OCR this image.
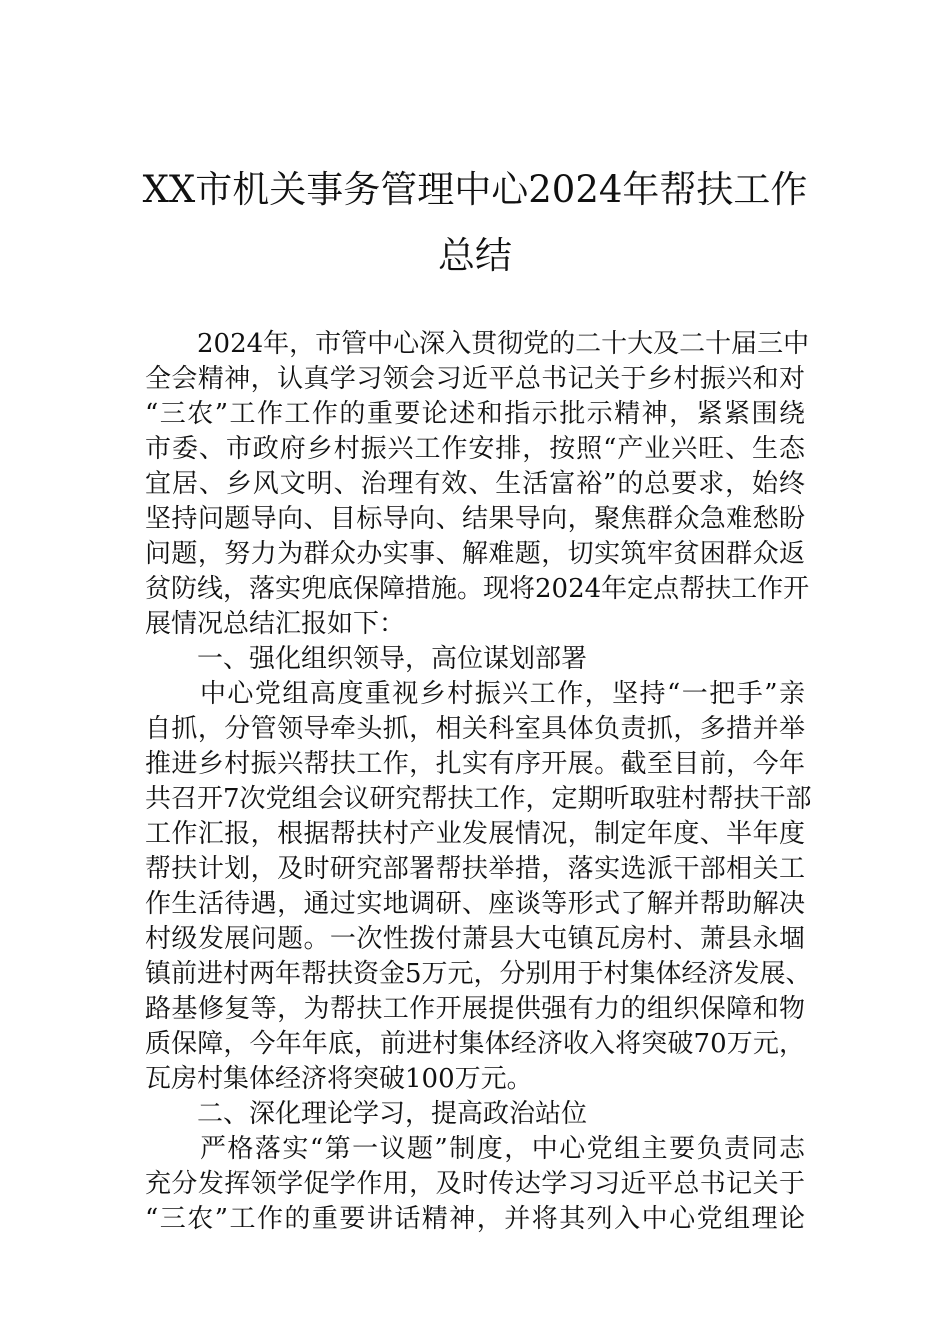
XX市机关事务管理中心2024年帮扶工作
总结

　　2024年，市管中心深入贯彻党的二十大及二十届三中

全会精神，认真学习领会习近平总书记关于乡村振兴和对

“三农”工作工作的重要论述和指示批示精神，紧紧围绕

市委、市政府乡村振兴工作安排，按照“产业兴旺、生态

宜居、乡风文明、治理有效、生活富裕”的总要求，始终

坚持问题导向、目标导向、结果导向，聚焦群众急难愁盼

问题，努力为群众办实事、解难题，切实筑牢贫困群众返

贫防线，落实兜底保障措施。现将2024年定点帮扶工作开

展情况总结汇报如下：

　　一、强化组织领导，高位谋划部署

　　中心党组高度重视乡村振兴工作，坚持“一把手”亲

自抓，分管领导牵头抓，相关科室具体负责抓，多措并举

推进乡村振兴帮扶工作，扎实有序开展。截至目前，今年

共召开7次党组会议研究帮扶工作，定期听取驻村帮扶干部

工作汇报，根据帮扶村产业发展情况，制定年度、半年度

帮扶计划，及时研究部署帮扶举措，落实选派干部相关工

作生活待遇，通过实地调研、座谈等形式了解并帮助解决

村级发展问题。一次性拨付萧县大屯镇瓦房村、萧县永堌

镇前进村两年帮扶资金5万元，分别用于村集体经济发展、

路基修复等，为帮扶工作开展提供强有力的组织保障和物

质保障，今年年底，前进村集体经济收入将突破70万元，

瓦房村集体经济将突破100万元。

　　二、深化理论学习，提高政治站位

　　严格落实“第一议题”制度，中心党组主要负责同志

充分发挥领学促学作用，及时传达学习习近平总书记关于

“三农”工作的重要讲话精神，并将其列入中心党组理论
